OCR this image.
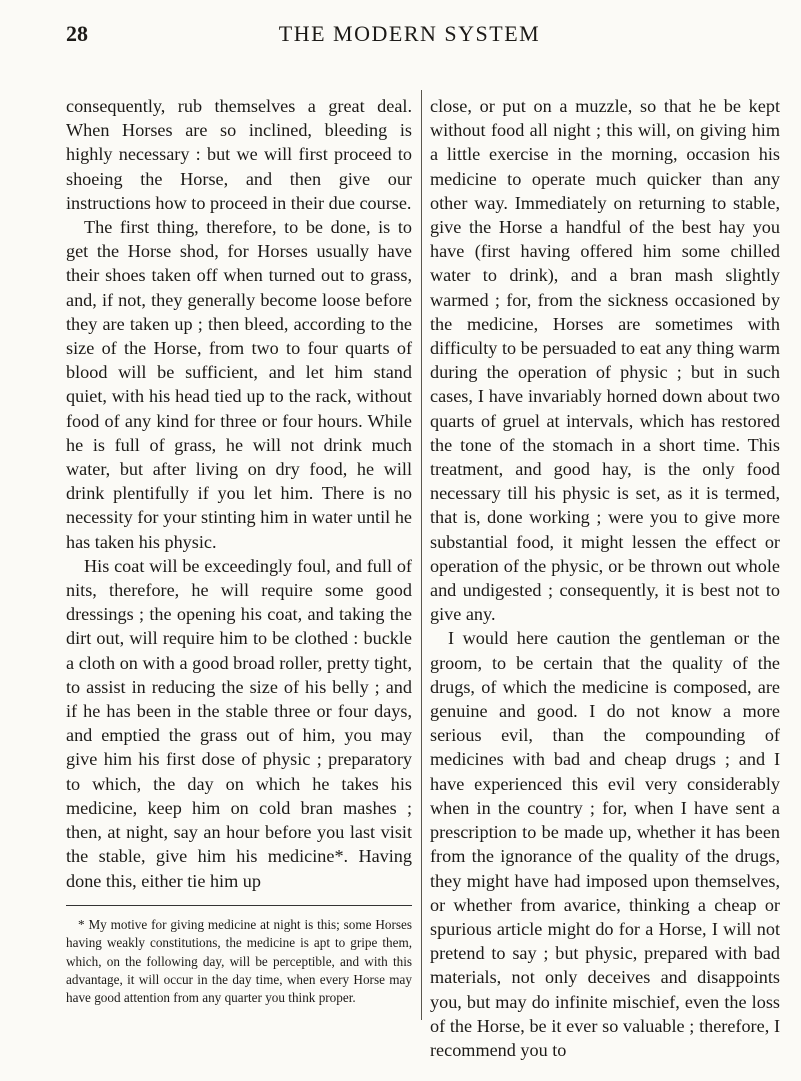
28	THE MODERN SYSTEM

consequently, rub themselves a great deal. When Horses are so inclined, bleeding is highly necessary : but we will first proceed to shoeing the Horse, and then give our instructions how to proceed in their due course.

The first thing, therefore, to be done, is to get the Horse shod, for Horses usually have their shoes taken off when turned out to grass, and, if not, they generally become loose before they are taken up ; then bleed, according to the size of the Horse, from two to four quarts of blood will be sufficient, and let him stand quiet, with his head tied up to the rack, without food of any kind for three or four hours. While he is full of grass, he will not drink much water, but after living on dry food, he will drink plentifully if you let him. There is no necessity for your stinting him in water until he has taken his physic.

His coat will be exceedingly foul, and full of nits, therefore, he will require some good dressings ; the opening his coat, and taking the dirt out, will require him to be clothed : buckle a cloth on with a good broad roller, pretty tight, to assist in reducing the size of his belly ; and if he has been in the stable three or four days, and emptied the grass out of him, you may give him his first dose of physic ; preparatory to which, the day on which he takes his medicine, keep him on cold bran mashes ; then, at night, say an hour before you last visit the stable, give him his medicine*. Having done this, either tie him up

* My motive for giving medicine at night is this; some Horses having weakly constitutions, the medicine is apt to gripe them, which, on the following day, will be perceptible, and with this advantage, it will occur in the day time, when every Horse may have good attention from any quarter you think proper.

close, or put on a muzzle, so that he be kept without food all night ; this will, on giving him a little exercise in the morning, occasion his medicine to operate much quicker than any other way. Immediately on returning to stable, give the Horse a handful of the best hay you have (first having offered him some chilled water to drink), and a bran mash slightly warmed ; for, from the sickness occasioned by the medicine, Horses are sometimes with difficulty to be persuaded to eat any thing warm during the operation of physic ; but in such cases, I have invariably horned down about two quarts of gruel at intervals, which has restored the tone of the stomach in a short time. This treatment, and good hay, is the only food necessary till his physic is set, as it is termed, that is, done working ; were you to give more substantial food, it might lessen the effect or operation of the physic, or be thrown out whole and undigested ; consequently, it is best not to give any.

I would here caution the gentleman or the groom, to be certain that the quality of the drugs, of which the medicine is composed, are genuine and good. I do not know a more serious evil, than the compounding of medicines with bad and cheap drugs ; and I have experienced this evil very considerably when in the country ; for, when I have sent a prescription to be made up, whether it has been from the ignorance of the quality of the drugs, they might have had imposed upon themselves, or whether from avarice, thinking a cheap or spurious article might do for a Horse, I will not pretend to say ; but physic, prepared with bad materials, not only deceives and disappoints you, but may do infinite mischief, even the loss of the Horse, be it ever so valuable ; therefore, I recommend you to
